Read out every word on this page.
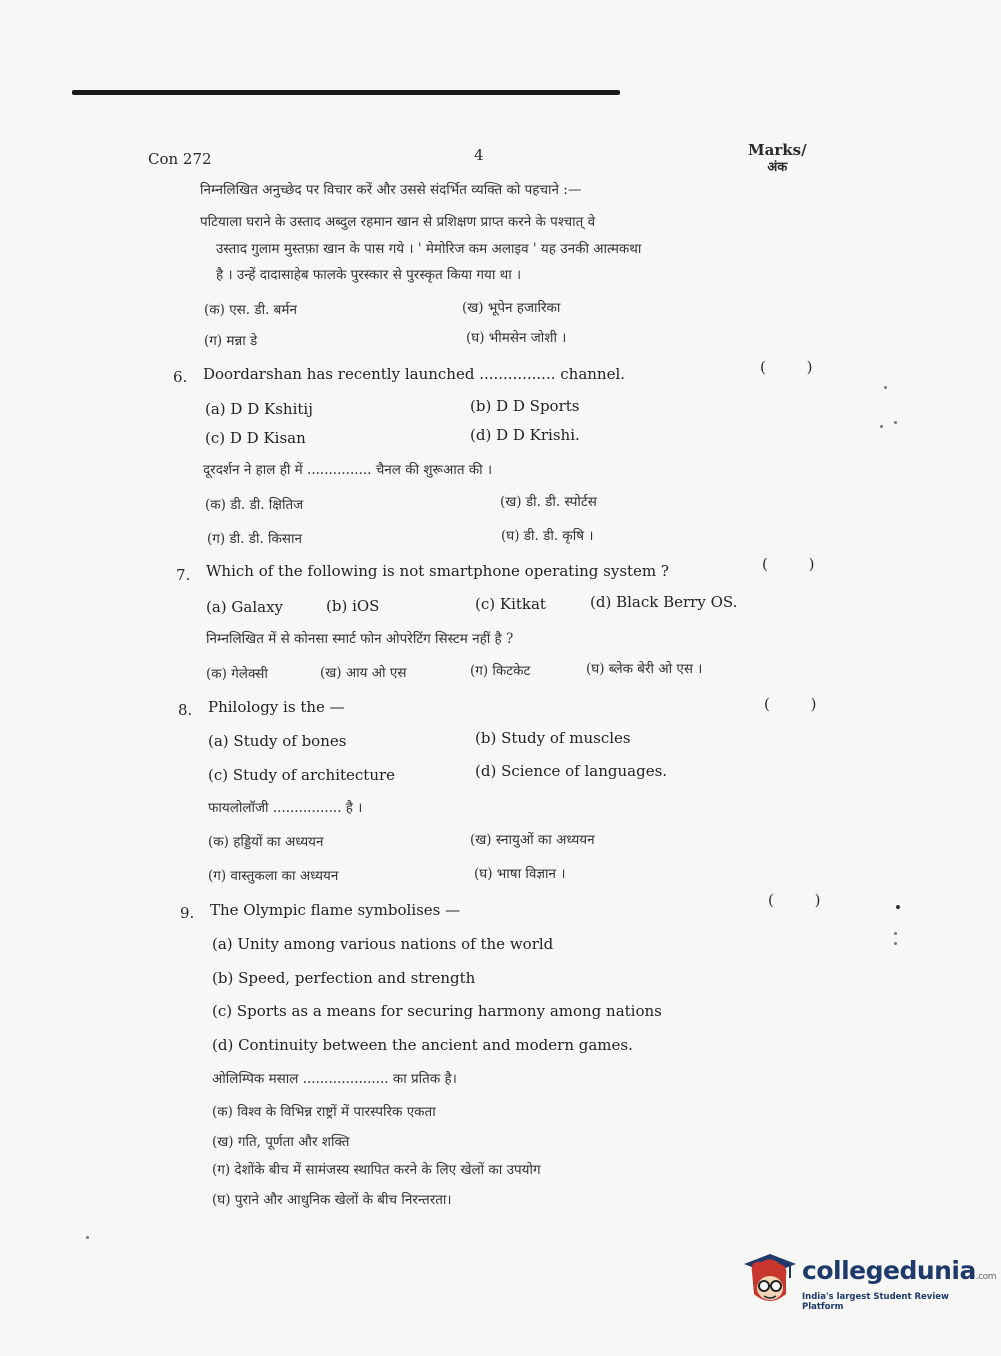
Con 272	4	Marks/
अंक
निम्नलिखित अनुच्छेद पर विचार करें और उससे संदर्भित व्यक्ति को पहचाने :—
पटियाला घराने के उस्ताद अब्दुल रहमान खान से प्रशिक्षण प्राप्त करने के पश्चात् वे
उस्ताद गुलाम मुस्तफ़ा खान के पास गये । ' मेमोरिज कम अलाइव ' यह उनकी आत्मकथा
है । उन्हें दादासाहेब फालके पुरस्कार से पुरस्कृत किया गया था ।
(क) एस. डी. बर्मन	(ख) भूपेन हजारिका
(ग) मन्ना डे	(घ) भीमसेन जोशी ।
6. Doordarshan has recently launched ................ channel.	( )
(a) D D Kshitij	(b) D D Sports
(c) D D Kisan	(d) D D Krishi.
दूरदर्शन ने हाल ही में ............... चैनल की शुरूआत की ।
(क) डी. डी. क्षितिज	(ख) डी. डी. स्पोर्टस
(ग) डी. डी. किसान	(घ) डी. डी. कृषि ।
7. Which of the following is not smartphone operating system ?	( )
(a) Galaxy	(b) iOS	(c) Kitkat	(d) Black Berry OS.
निम्नलिखित में से कोनसा स्मार्ट फोन ओपरेटिंग सिस्टम नहीं है ?
(क) गेलेक्सी	(ख) आय ओ एस	(ग) किटकेट	(घ) ब्लेक बेरी ओ एस ।
8. Philology is the —	( )
(a) Study of bones	(b) Study of muscles
(c) Study of architecture	(d) Science of languages.
फायलोलॉजी ................ है ।
(क) हड्डियों का अध्ययन	(ख) स्नायुओं का अध्ययन
(ग) वास्तुकला का अध्ययन	(घ) भाषा विज्ञान ।
9. The Olympic flame symbolises —
( )
(a) Unity among various nations of the world
(b) Speed, perfection and strength
(c) Sports as a means for securing harmony among nations
(d) Continuity between the ancient and modern games.
ओलिम्पिक मसाल .................... का प्रतिक है।
(क) विश्व के विभिन्न राष्ट्रों में पारस्परिक एकता
(ख) गति, पूर्णता और शक्ति
(ग) देशोंके बीच में सामंजस्य स्थापित करने के लिए खेलों का उपयोग
(घ) पुराने और आधुनिक खेलों के बीच निरन्तरता।
collegedunia.com
India's largest Student Review Platform
